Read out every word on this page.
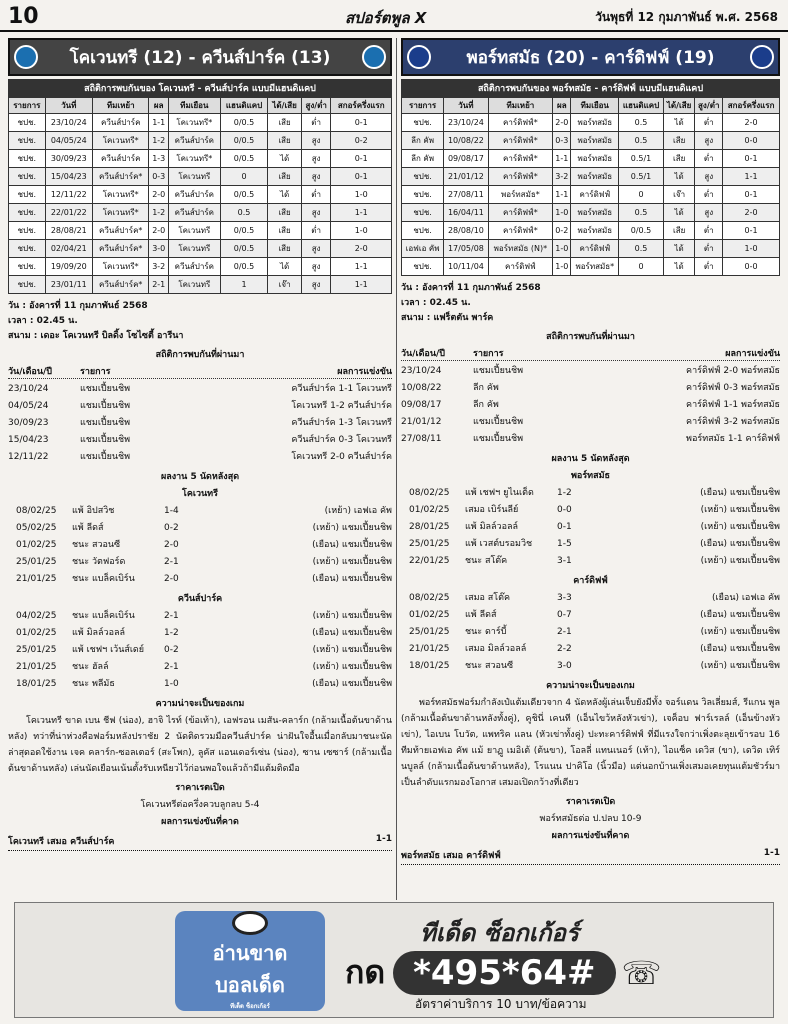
10	สปอร์ตพูล X	วันพุธที่ 12 กุมภาพันธ์ พ.ศ. 2568
โคเวนทรี (12) - ควีนส์ปาร์ค (13)
สถิติการพบกันของ โคเวนทรี - ควีนส์ปาร์ค แบบมีแฮนดิแคป
รายการ	วันที่	ทีมเหย้า	ผล	ทีมเยือน	แฮนดิแคป	ได้/เสีย	สูง/ต่ำ	สกอร์ครึ่งแรก
ชปช.	23/10/24	ควีนส์ปาร์ค	1-1	โคเวนทรี*	0/0.5	เสีย	ต่ำ	0-1
ชปช.	04/05/24	โคเวนทรี*	1-2	ควีนส์ปาร์ค	0/0.5	เสีย	สูง	0-2
ชปช.	30/09/23	ควีนส์ปาร์ค	1-3	โคเวนทรี*	0/0.5	ได้	สูง	0-1
ชปช.	15/04/23	ควีนส์ปาร์ค*	0-3	โคเวนทรี	0	เสีย	สูง	0-1
ชปช.	12/11/22	โคเวนทรี*	2-0	ควีนส์ปาร์ค	0/0.5	ได้	ต่ำ	1-0
ชปช.	22/01/22	โคเวนทรี*	1-2	ควีนส์ปาร์ค	0.5	เสีย	สูง	1-1
ชปช.	28/08/21	ควีนส์ปาร์ค*	2-0	โคเวนทรี	0/0.5	เสีย	ต่ำ	1-0
ชปช.	02/04/21	ควีนส์ปาร์ค*	3-0	โคเวนทรี	0/0.5	เสีย	สูง	2-0
ชปช.	19/09/20	โคเวนทรี*	3-2	ควีนส์ปาร์ค	0/0.5	ได้	สูง	1-1
ชปช.	23/01/11	ควีนส์ปาร์ค*	2-1	โคเวนทรี	1	เจ๊า	สูง	1-1
วัน : อังคารที่ 11 กุมภาพันธ์ 2568
เวลา : 02.45 น.
สนาม : เดอะ โคเวนทรี บิลดิ้ง โซไซตี้ อารีนา
สถิติการพบกันที่ผ่านมา
วัน/เดือน/ปี	รายการ	ผลการแข่งขัน
23/10/24	แชมเปี้ยนชิพ	ควีนส์ปาร์ค 1-1 โคเวนทรี
04/05/24	แชมเปี้ยนชิพ	โคเวนทรี 1-2 ควีนส์ปาร์ค
30/09/23	แชมเปี้ยนชิพ	ควีนส์ปาร์ค 1-3 โคเวนทรี
15/04/23	แชมเปี้ยนชิพ	ควีนส์ปาร์ค 0-3 โคเวนทรี
12/11/22	แชมเปี้ยนชิพ	โคเวนทรี 2-0 ควีนส์ปาร์ค
ผลงาน 5 นัดหลังสุด
โคเวนทรี
08/02/25	แพ้ อิปสวิช	1-4	(เหย้า) เอฟเอ คัพ
05/02/25	แพ้ ลีดส์	0-2	(เหย้า) แชมเปี้ยนชิพ
01/02/25	ชนะ สวอนซี	2-0	(เยือน) แชมเปี้ยนชิพ
25/01/25	ชนะ วัตฟอร์ด	2-1	(เหย้า) แชมเปี้ยนชิพ
21/01/25	ชนะ แบล็คเบิร์น	2-0	(เยือน) แชมเปี้ยนชิพ
ควีนส์ปาร์ค
04/02/25	ชนะ แบล็คเบิร์น	2-1	(เหย้า) แชมเปี้ยนชิพ
01/02/25	แพ้ มิลล์วอลล์	1-2	(เยือน) แชมเปี้ยนชิพ
25/01/25	แพ้ เชฟฯ เว้นส์เดย์	0-2	(เหย้า) แชมเปี้ยนชิพ
21/01/25	ชนะ ฮัลล์	2-1	(เหย้า) แชมเปี้ยนชิพ
18/01/25	ชนะ พลีมัธ	1-0	(เยือน) แชมเปี้ยนชิพ
ความน่าจะเป็นของเกม

โคเวนทรี ขาด เบน ชีฟ (น่อง), ฮาจิ ไรท์ (ข้อเท้า), เอฟรอน เมสัน-คลาร์ก (กล้ามเนื้อต้นขาด้านหลัง) ทว่าที่น่าห่วงคือฟอร์มหลังปราชัย 2 นัดติดรวมมือควีนส์ปาร์ค น่าฝันใจอื้นเมื่อกลับมาชนะนัดล่าสุดอดใช้งาน เจค คลาร์ก-ซอลเตอร์ (สะโพก), ลูคัส แอนเดอร์เซ่น (น่อง), ซาน เซซาร์ (กล้ามเนื้อต้นขาด้านหลัง) เล่นนัดเยือนเน้นตั้งรับเหนียวไว้ก่อนพอใจแล้วถ้ามีแต้มติดมือ

ราคาเรตเปิด
โคเวนทรีต่อครึ่งควบลูกลบ 5-4
ผลการแข่งขันที่คาด
โคเวนทรี เสมอ ควีนส์ปาร์ค	1-1
พอร์ทสมัธ (20) - คาร์ดิฟฟ์ (19)
สถิติการพบกันของ พอร์ทสมัธ - คาร์ดิฟฟ์ แบบมีแฮนดิแคป
รายการ	วันที่	ทีมเหย้า	ผล	ทีมเยือน	แฮนดิแคป	ได้/เสีย	สูง/ต่ำ	สกอร์ครึ่งแรก
ชปช.	23/10/24	คาร์ดิฟฟ์*	2-0	พอร์ทสมัธ	0.5	ได้	ต่ำ	2-0
ลีก คัพ	10/08/22	คาร์ดิฟฟ์*	0-3	พอร์ทสมัธ	0.5	เสีย	สูง	0-0
ลีก คัพ	09/08/17	คาร์ดิฟฟ์*	1-1	พอร์ทสมัธ	0.5/1	เสีย	ต่ำ	0-1
ชปช.	21/01/12	คาร์ดิฟฟ์*	3-2	พอร์ทสมัธ	0.5/1	ได้	สูง	1-1
ชปช.	27/08/11	พอร์ทสมัธ*	1-1	คาร์ดิฟฟ์	0	เจ๊า	ต่ำ	0-1
ชปช.	16/04/11	คาร์ดิฟฟ์*	1-0	พอร์ทสมัธ	0.5	ได้	สูง	2-0
ชปช.	28/08/10	คาร์ดิฟฟ์*	0-2	พอร์ทสมัธ	0/0.5	เสีย	ต่ำ	0-1
เอฟเอ คัพ	17/05/08	พอร์ทสมัธ (N)*	1-0	คาร์ดิฟฟ์	0.5	ได้	ต่ำ	1-0
ชปช.	10/11/04	คาร์ดิฟฟ์	1-0	พอร์ทสมัธ*	0	ได้	ต่ำ	0-0
วัน : อังคารที่ 11 กุมภาพันธ์ 2568
เวลา : 02.45 น.
สนาม : แฟร็ตตัน พาร์ค
สถิติการพบกันที่ผ่านมา
วัน/เดือน/ปี	รายการ	ผลการแข่งขัน
23/10/24	แชมเปี้ยนชิพ	คาร์ดิฟฟ์ 2-0 พอร์ทสมัธ
10/08/22	ลีก คัพ	คาร์ดิฟฟ์ 0-3 พอร์ทสมัธ
09/08/17	ลีก คัพ	คาร์ดิฟฟ์ 1-1 พอร์ทสมัธ
21/01/12	แชมเปี้ยนชิพ	คาร์ดิฟฟ์ 3-2 พอร์ทสมัธ
27/08/11	แชมเปี้ยนชิพ	พอร์ทสมัธ 1-1 คาร์ดิฟฟ์
ผลงาน 5 นัดหลังสุด
พอร์ทสมัธ
08/02/25	แพ้ เชฟฯ ยูไนเต็ด	1-2	(เยือน) แชมเปี้ยนชิพ
01/02/25	เสมอ เบิร์นลีย์	0-0	(เหย้า) แชมเปี้ยนชิพ
28/01/25	แพ้ มิลล์วอลล์	0-1	(เหย้า) แชมเปี้ยนชิพ
25/01/25	แพ้ เวสต์บรอมวิช	1-5	(เยือน) แชมเปี้ยนชิพ
22/01/25	ชนะ สโต๊ค	3-1	(เหย้า) แชมเปี้ยนชิพ
คาร์ดิฟฟ์
08/02/25	เสมอ สโต๊ค	3-3	(เยือน) เอฟเอ คัพ
01/02/25	แพ้ ลีดส์	0-7	(เยือน) แชมเปี้ยนชิพ
25/01/25	ชนะ ดาร์บี้	2-1	(เหย้า) แชมเปี้ยนชิพ
21/01/25	เสมอ มิลล์วอลล์	2-2	(เยือน) แชมเปี้ยนชิพ
18/01/25	ชนะ สวอนซี	3-0	(เหย้า) แชมเปี้ยนชิพ
ความน่าจะเป็นของเกม

พอร์ทสมัธฟอร์มกำลังเป๋แต้มเดียวจาก 4 นัดหลังผู้เล่นเจ็บยังมีทั้ง จอร์แดน วิลเลี่ยมส์, รีแกน พูล (กล้ามเนื้อต้นขาด้านหลังทั้งคู่), คูชินี่ เคนที (เอ็นไขว้หลังหัวเข่า), เจค็อบ ฟาร์เรลล์ (เอ็นข้างหัวเข่า), ไอเบน โบวัต, แพทริค แลน (หัวเข่าทั้งคู่) ปะทะคาร์ดิฟฟ์ ที่มีแรงใจกว่าเพิ่งตะลุยเข้ารอบ 16 ทีมท้ายเอฟเอ คัพ แม้ ยาฏู เมอิเต้ (ต้นขา), โอลลี่ แทนเนอร์ (เท้า), ไอแซ็ค เดวิส (ขา), เดวิด เทิร์นบูลล์ (กล้ามเนื้อต้นขาด้านหลัง), โรแนน ปาคิโอ (นิ้วมือ) แต่นอกบ้านเพิ่งเสมอเคยทุนแต้มชัวร์มาเป็นลำดับแรกมองโอกาส เสมอเปิดกว้างที่เดียว

ราคาเรตเปิด
พอร์ทสมัธต่อ ป.ปลบ 10-9
ผลการแข่งขันที่คาด
พอร์ทสมัธ เสมอ คาร์ดิฟฟ์	1-1
อ่านขาด
บอลเด็ด
ทีเด็ด ซ็อกเก้อร์
ทีเด็ด ซ็อกเก้อร์
กด *495*64# ☏
อัตราค่าบริการ 10 บาท/ข้อความ
